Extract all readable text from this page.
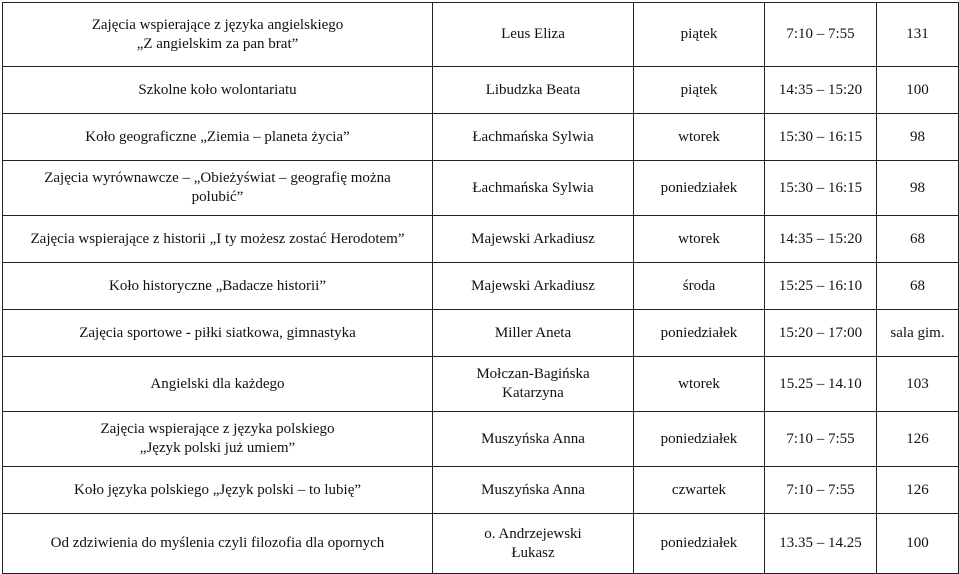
Zajęcia wspierające z języka angielskiego
„Z angielskim za pan brat”	Leus Eliza	piątek	7:10 – 7:55	131

Szkolne koło wolontariatu	Libudzka Beata	piątek	14:35 – 15:20	100

Koło geograficzne „Ziemia – planeta życia”	Łachmańska Sylwia	wtorek	15:30 – 16:15	98

Zajęcia wyrównawcze – „Obieżyświat – geografię można
polubić”	Łachmańska Sylwia	poniedziałek	15:30 – 16:15	98

Zajęcia wspierające z historii „I ty możesz zostać Herodotem”	Majewski Arkadiusz	wtorek	14:35 – 15:20	68

Koło historyczne „Badacze historii”	Majewski Arkadiusz	środa	15:25 – 16:10	68

Zajęcia sportowe - piłki siatkowa, gimnastyka	Miller Aneta	poniedziałek	15:20 – 17:00	sala gim.

Angielski dla każdego	Mołczan-Bagińska
Katarzyna	wtorek	15.25 – 14.10	103

Zajęcia wspierające z języka polskiego
„Język polski już umiem”	Muszyńska Anna	poniedziałek	7:10 – 7:55	126

Koło języka polskiego „Język polski – to lubię”	Muszyńska Anna	czwartek	7:10 – 7:55	126

Od zdziwienia do myślenia czyli filozofia dla opornych	o. Andrzejewski
Łukasz	poniedziałek	13.35 – 14.25	100
